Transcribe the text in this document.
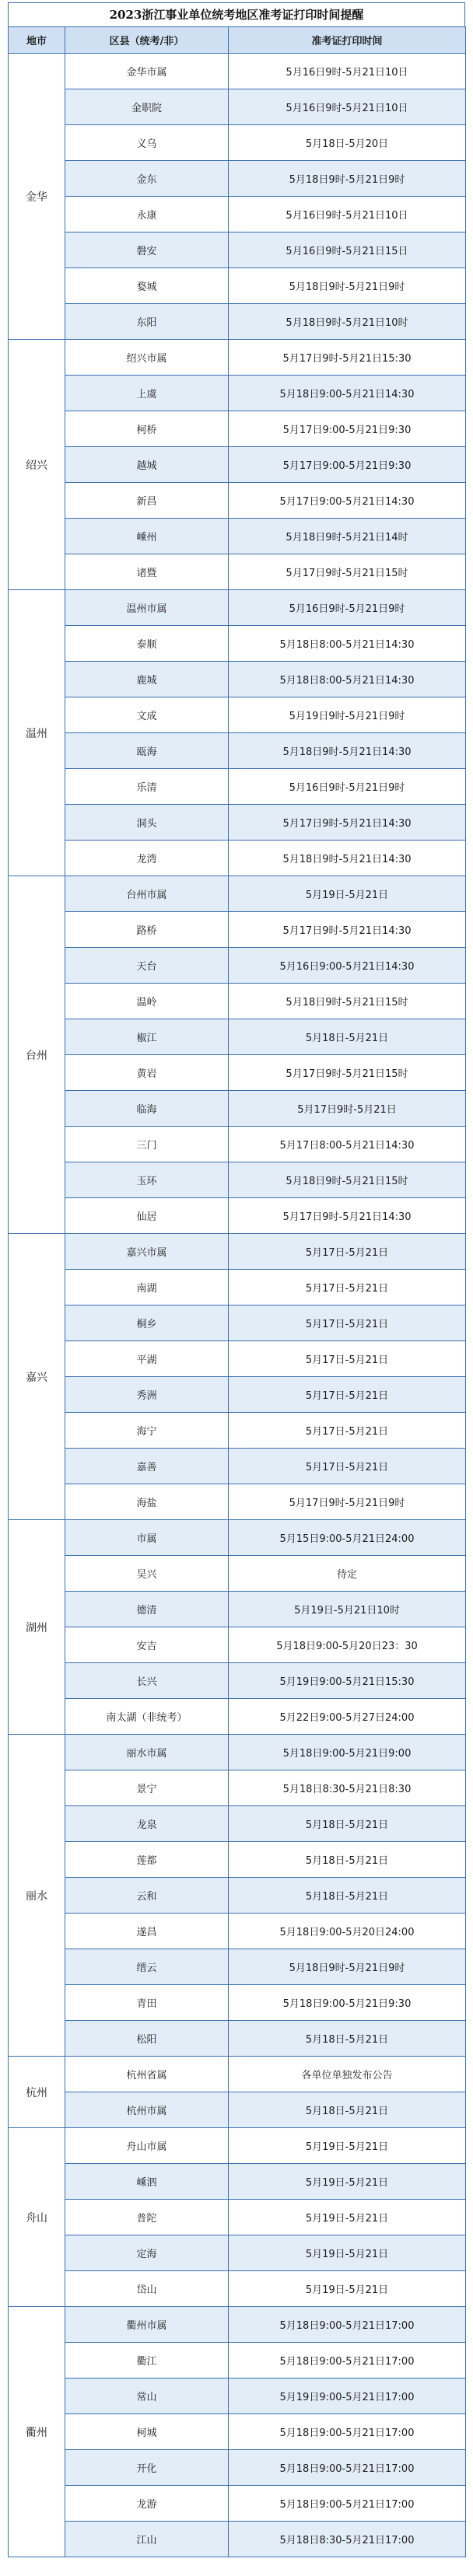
2023浙江事业单位统考地区准考证打印时间提醒
地市	区县（统考/非）	准考证打印时间
金华	金华市属	5月16日9时-5月21日10日
	金职院	5月16日9时-5月21日10日
	义乌	5月18日-5月20日
	金东	5月18日9时-5月21日9时
	永康	5月16日9时-5月21日10日
	磐安	5月16日9时-5月21日15日
	婺城	5月18日9时-5月21日9时
	东阳	5月18日9时-5月21日10时
绍兴	绍兴市属	5月17日9时-5月21日15:30
	上虞	5月18日9:00-5月21日14:30
	柯桥	5月17日9:00-5月21日9:30
	越城	5月17日9:00-5月21日9:30
	新昌	5月17日9:00-5月21日14:30
	嵊州	5月18日9时-5月21日14时
	诸暨	5月17日9时-5月21日15时
温州	温州市属	5月16日9时-5月21日9时
	泰顺	5月18日8:00-5月21日14:30
	鹿城	5月18日8:00-5月21日14:30
	文成	5月19日9时-5月21日9时
	瓯海	5月18日9时-5月21日14:30
	乐清	5月16日9时-5月21日9时
	洞头	5月17日9时-5月21日14:30
	龙湾	5月18日9时-5月21日14:30
台州	台州市属	5月19日-5月21日
	路桥	5月17日9时-5月21日14:30
	天台	5月16日9:00-5月21日14:30
	温岭	5月18日9时-5月21日15时
	椒江	5月18日-5月21日
	黄岩	5月17日9时-5月21日15时
	临海	5月17日9时-5月21日
	三门	5月17日8:00-5月21日14:30
	玉环	5月18日9时-5月21日15时
	仙居	5月17日9时-5月21日14:30
嘉兴	嘉兴市属	5月17日-5月21日
	南湖	5月17日-5月21日
	桐乡	5月17日-5月21日
	平湖	5月17日-5月21日
	秀洲	5月17日-5月21日
	海宁	5月17日-5月21日
	嘉善	5月17日-5月21日
	海盐	5月17日9时-5月21日9时
湖州	市属	5月15日9:00-5月21日24:00
	吴兴	待定
	德清	5月19日-5月21日10时
	安吉	5月18日9:00-5月20日23：30
	长兴	5月19日9:00-5月21日15:30
	南太湖（非统考）	5月22日9:00-5月27日24:00
丽水	丽水市属	5月18日9:00-5月21日9:00
	景宁	5月18日8:30-5月21日8:30
	龙泉	5月18日-5月21日
	莲都	5月18日-5月21日
	云和	5月18日-5月21日
	遂昌	5月18日9:00-5月20日24:00
	缙云	5月18日9时-5月21日9时
	青田	5月18日9:00-5月21日9:30
	松阳	5月18日-5月21日
杭州	杭州省属	各单位单独发布公告
	杭州市属	5月18日-5月21日
舟山	舟山市属	5月19日-5月21日
	嵊泗	5月19日-5月21日
	普陀	5月19日-5月21日
	定海	5月19日-5月21日
	岱山	5月19日-5月21日
衢州	衢州市属	5月18日9:00-5月21日17:00
	衢江	5月18日9:00-5月21日17:00
	常山	5月19日9:00-5月21日17:00
	柯城	5月18日9:00-5月21日17:00
	开化	5月18日9:00-5月21日17:00
	龙游	5月18日9:00-5月21日17:00
	江山	5月18日8:30-5月21日17:00
